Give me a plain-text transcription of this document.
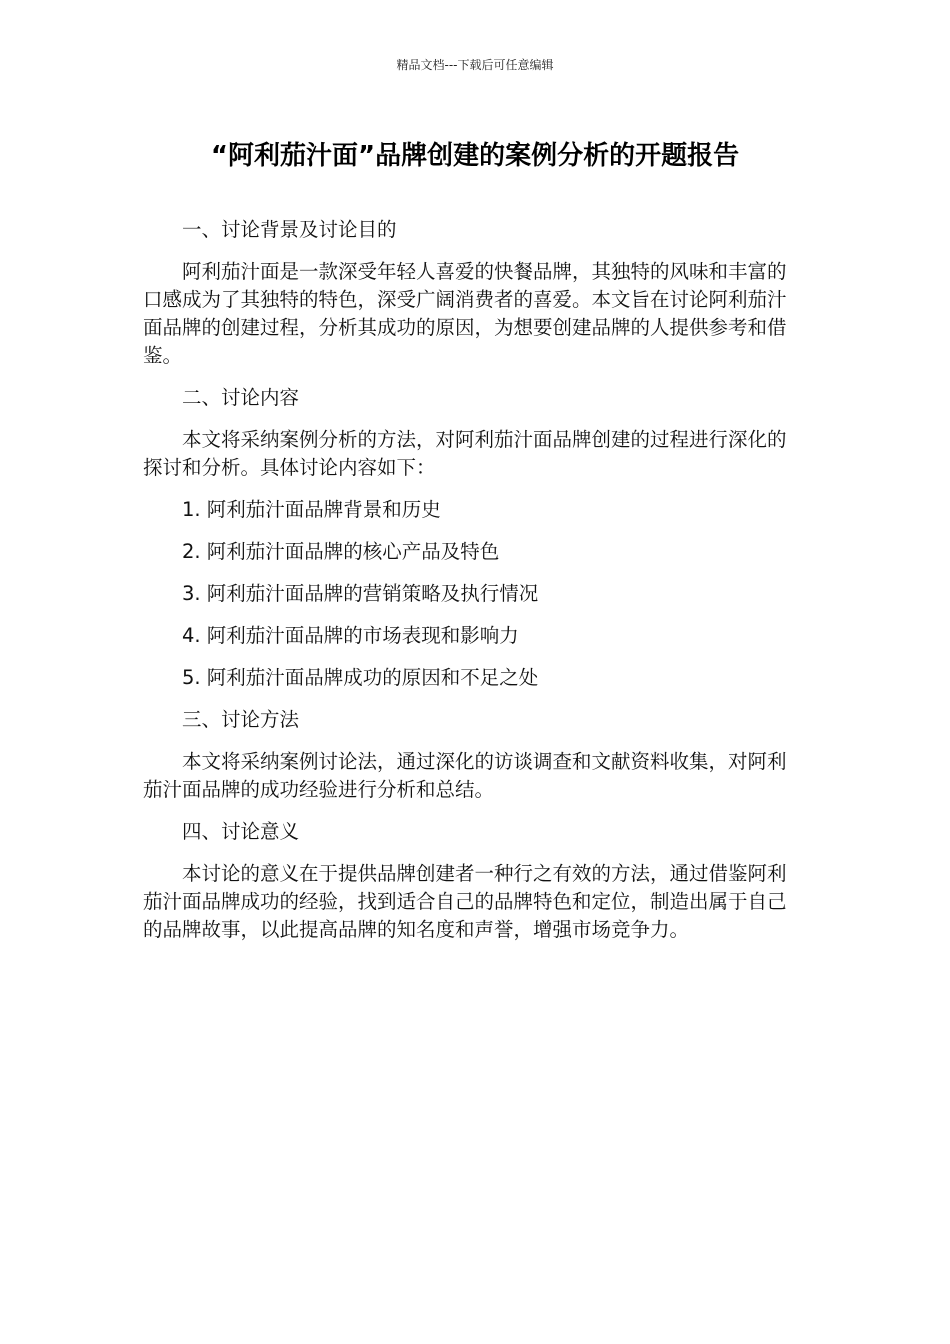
精品文档---下载后可任意编辑
“阿利茄汁面”品牌创建的案例分析的开题报告
一、讨论背景及讨论目的
阿利茄汁面是一款深受年轻人喜爱的快餐品牌，其独特的风味和丰富的口感成为了其独特的特色，深受广阔消费者的喜爱。本文旨在讨论阿利茄汁面品牌的创建过程，分析其成功的原因，为想要创建品牌的人提供参考和借鉴。
二、讨论内容
本文将采纳案例分析的方法，对阿利茄汁面品牌创建的过程进行深化的探讨和分析。具体讨论内容如下：
1. 阿利茄汁面品牌背景和历史
2. 阿利茄汁面品牌的核心产品及特色
3. 阿利茄汁面品牌的营销策略及执行情况
4. 阿利茄汁面品牌的市场表现和影响力
5. 阿利茄汁面品牌成功的原因和不足之处
三、讨论方法
本文将采纳案例讨论法，通过深化的访谈调查和文献资料收集，对阿利茄汁面品牌的成功经验进行分析和总结。
四、讨论意义
本讨论的意义在于提供品牌创建者一种行之有效的方法，通过借鉴阿利茄汁面品牌成功的经验，找到适合自己的品牌特色和定位，制造出属于自己的品牌故事，以此提高品牌的知名度和声誉，增强市场竞争力。
